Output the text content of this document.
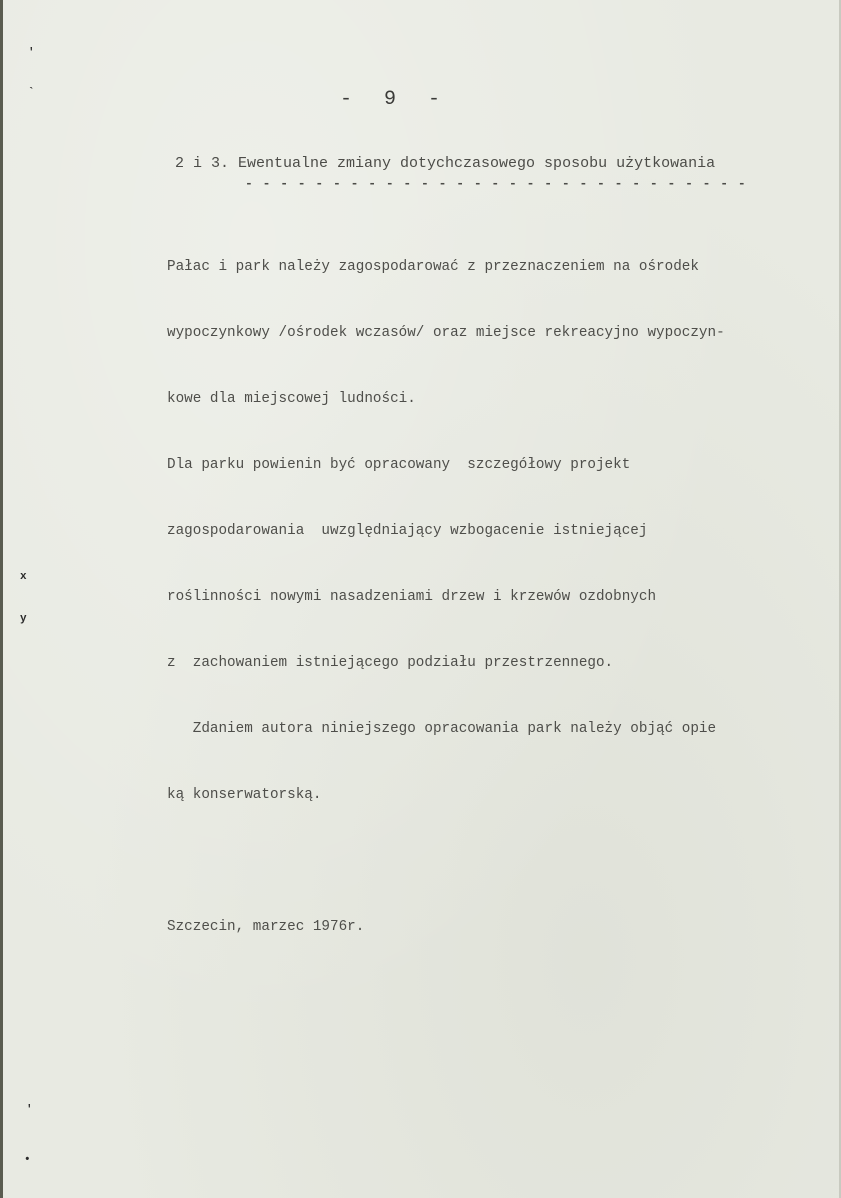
'
`
x
y
'
•
- 9 -
2 i 3. Ewentualne zmiany dotychczasowego sposobu użytkowania
- - - - - - - - - - - - - - - - - - - - - - - - - - - - -

Pałac i park należy zagospodarować z przeznaczeniem na ośrodek

wypoczynkowy /ośrodek wczasów/ oraz miejsce rekreacyjno wypoczyn-

kowe dla miejscowej ludności.

Dla parku powienin być opracowany  szczegółowy projekt

zagospodarowania  uwzględniający wzbogacenie istniejącej

roślinności nowymi nasadzeniami drzew i krzewów ozdobnych

z  zachowaniem istniejącego podziału przestrzennego.

Zdaniem autora niniejszego opracowania park należy objąć opie

ką konserwatorską.

Szczecin, marzec 1976r.
